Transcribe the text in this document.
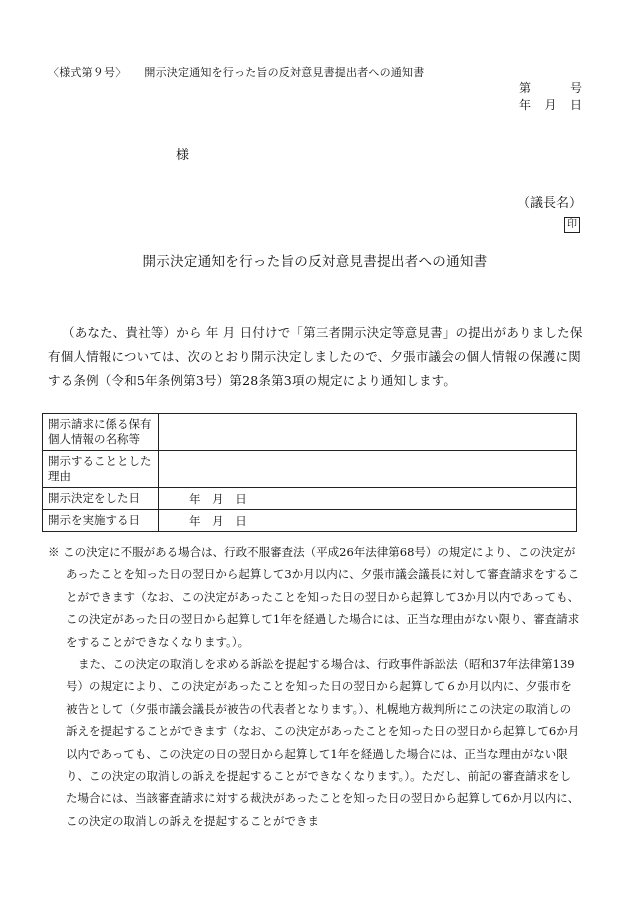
〈様式第９号〉 開示決定通知を行った旨の反対意見書提出者への通知書
第	号
年 月 日
様
（議長名）
印
開示決定通知を行った旨の反対意見書提出者への通知書
（あなた、貴社等）から 年 月 日付けで「第三者開示決定等意見書」の提出がありました保有個人情報については、次のとおり開示決定しましたので、夕張市議会の個人情報の保護に関する条例（令和5年条例第3号）第28条第3項の規定により通知します。
開示請求に係る保有個人情報の名称等	
開示することとした理由	
開示決定をした日	年 月 日
開示を実施する日	年 月 日

※ この決定に不服がある場合は、行政不服審査法（平成26年法律第68号）の規定により、この決定があったことを知った日の翌日から起算して3か月以内に、夕張市議会議長に対して審査請求をすることができます（なお、この決定があったことを知った日の翌日から起算して3か月以内であっても、この決定があった日の翌日から起算して1年を経過した場合には、正当な理由がない限り、審査請求をすることができなくなります。）。

また、この決定の取消しを求める訴訟を提起する場合は、行政事件訴訟法（昭和37年法律第139号）の規定により、この決定があったことを知った日の翌日から起算して６か月以内に、夕張市を被告として（夕張市議会議長が被告の代表者となります。）、札幌地方裁判所にこの決定の取消しの訴えを提起することができます（なお、この決定があったことを知った日の翌日から起算して6か月以内であっても、この決定の日の翌日から起算して1年を経過した場合には、正当な理由がない限り、この決定の取消しの訴えを提起することができなくなります。）。ただし、前記の審査請求をした場合には、当該審査請求に対する裁決があったことを知った日の翌日から起算して6か月以内に、この決定の取消しの訴えを提起することができま
